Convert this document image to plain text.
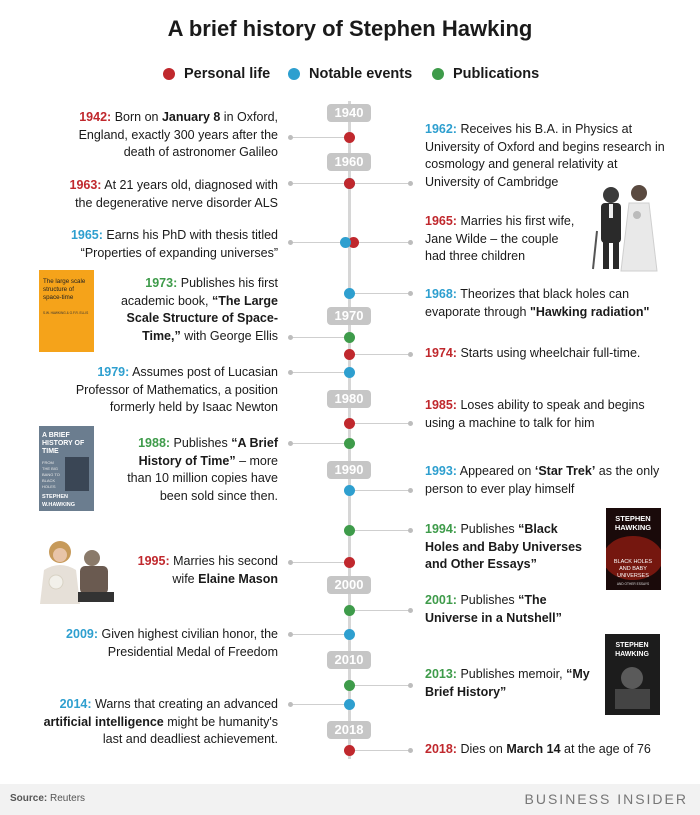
A brief history of Stephen Hawking
Personal life	Notable events	Publications
1940
1960
1970
1980
1990
2000
2010
2018
1942: Born on January 8 in Oxford, England, exactly 300 years after the death of astronomer Galileo
1962: Receives his B.A. in Physics at University of Oxford and begins research in cosmology and general relativity at University of Cambridge
1963: At 21 years old, diagnosed with the degenerative nerve disorder ALS
1965: Marries his first wife, Jane Wilde – the couple had three children
1965: Earns his PhD with thesis titled “Properties of expanding universes”
1968: Theorizes that black holes can evaporate through "Hawking radiation"
1973: Publishes his first academic book, “The Large Scale Structure of Space-Time,” with George Ellis
1974: Starts using wheelchair full-time.
1979: Assumes post of Lucasian Professor of Mathematics, a position formerly held by Isaac Newton	1985: Loses ability to speak and begins using a machine to talk for him
1988: Publishes “A Brief History of Time” – more than 10 million copies have been sold since then.
1993: Appeared on ‘Star Trek’ as the only person to ever play himself
1994: Publishes “Black Holes and Baby Universes and Other Essays”
1995: Marries his second wife Elaine Mason
2001: Publishes “The Universe in a Nutshell”
2009: Given highest civilian honor, the Presidential Medal of Freedom
2013: Publishes memoir, “My Brief History”
2014: Warns that creating an advanced artificial intelligence might be humanity's last and deadliest achievement.
2018: Dies on March 14 at the age of 76
The large scale
structure of
space-time
S.W. HAWKING & G.F.R. ELLIS
A BRIEF
HISTORY OF
TIME
FROM
THE BIG
BANG TO
BLACK
HOLES
STEPHEN
W.HAWKING
STEPHEN
HAWKING
BLACK HOLES
AND BABY
UNIVERSES
AND OTHER ESSAYS
STEPHEN
HAWKING
Source: Reuters	BUSINESS INSIDER
